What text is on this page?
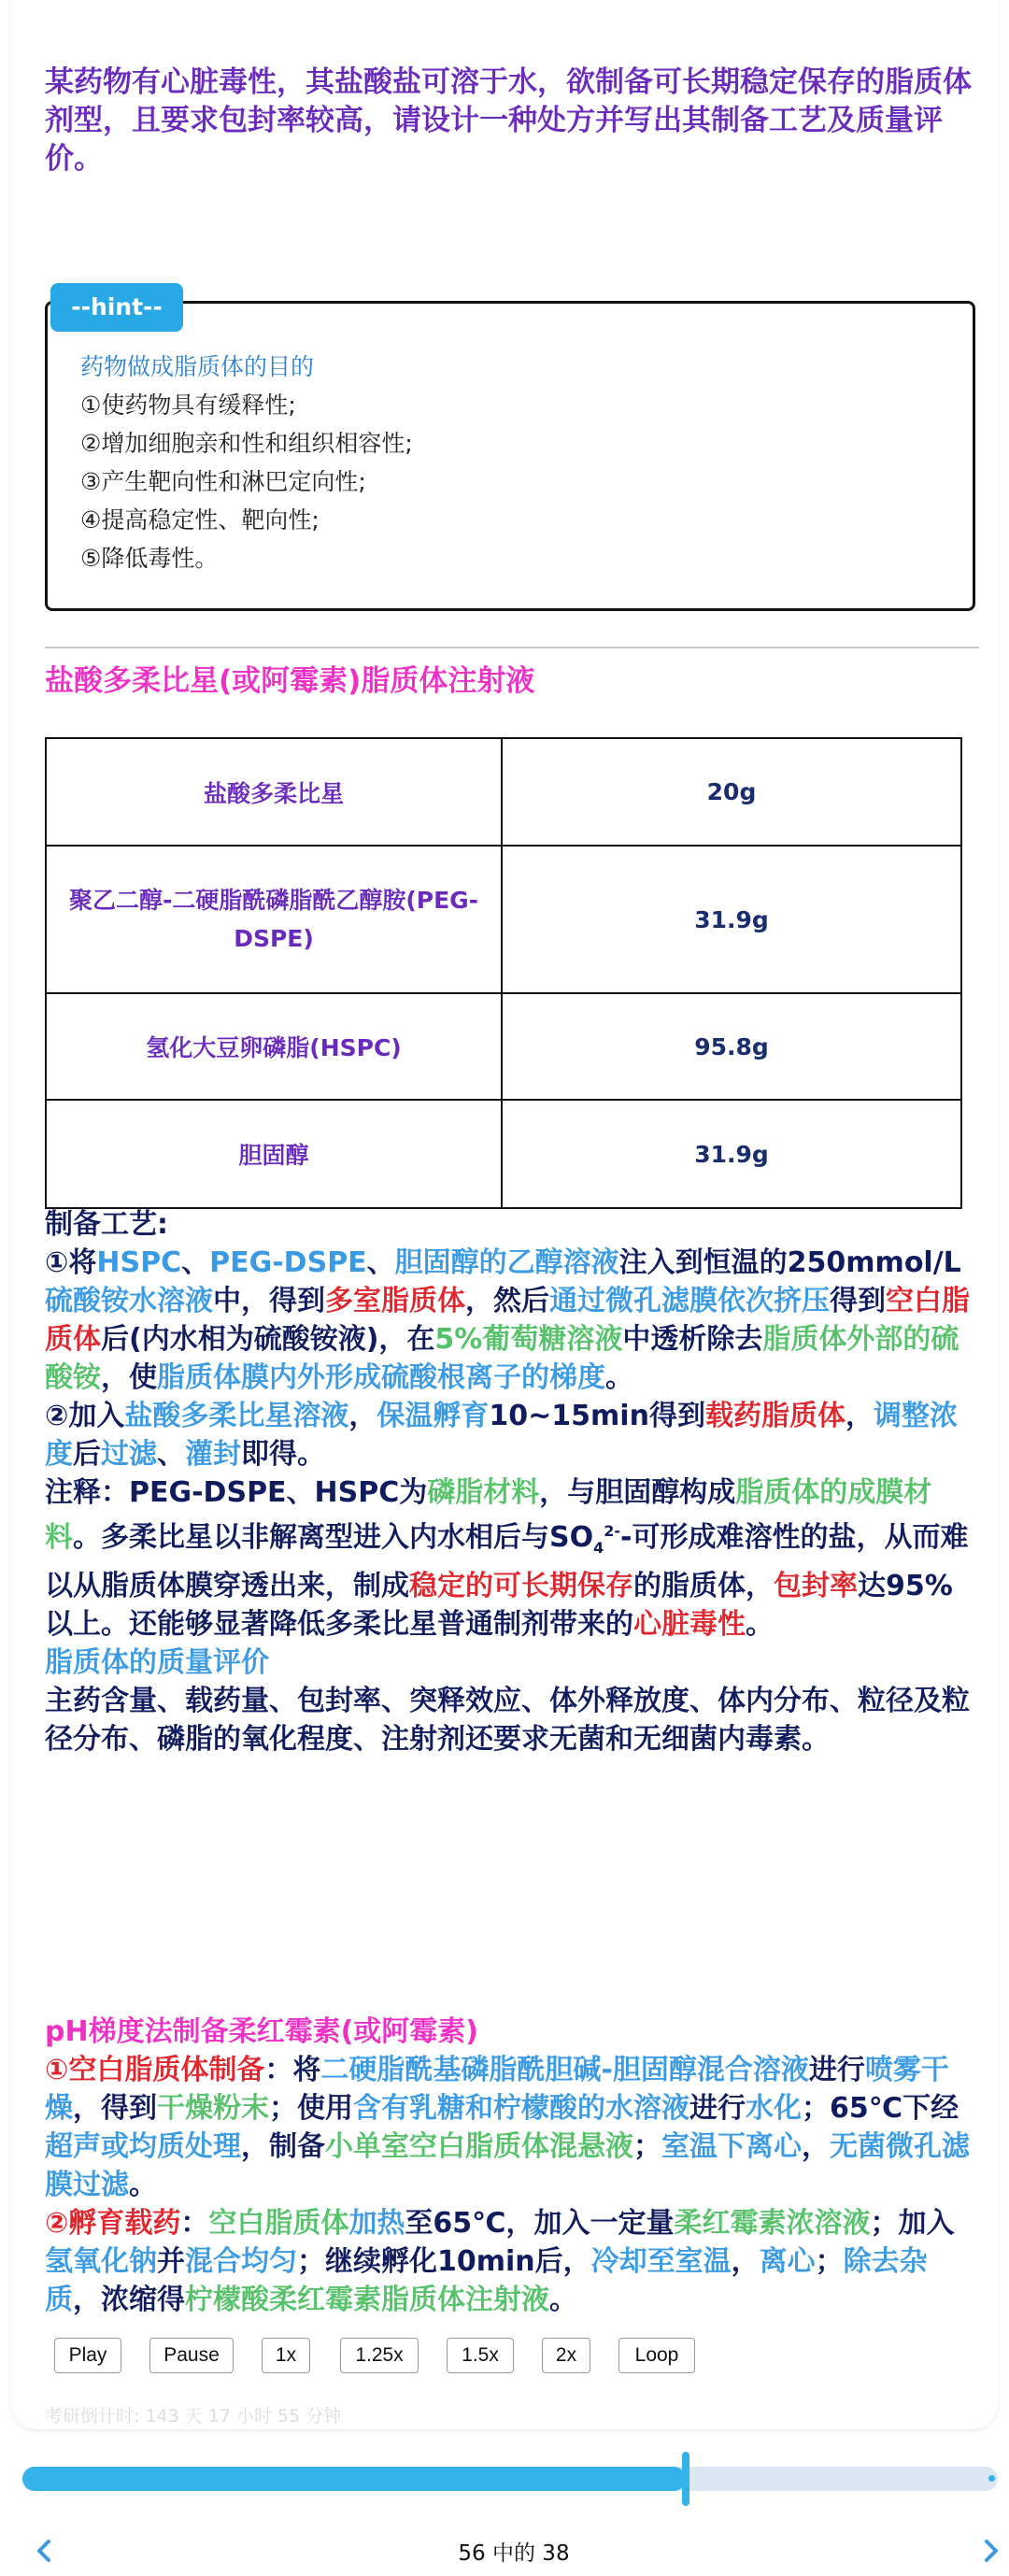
某药物有心脏毒性，其盐酸盐可溶于水，欲制备可长期稳定保存的脂质体剂型，且要求包封率较高，请设计一种处方并写出其制备工艺及质量评价。
--hint--
药物做成脂质体的目的
①使药物具有缓释性;
②增加细胞亲和性和组织相容性;
③产生靶向性和淋巴定向性;
④提高稳定性、靶向性;
⑤降低毒性。
盐酸多柔比星(或阿霉素)脂质体注射液
盐酸多柔比星	20g
聚乙二醇-二硬脂酰磷脂酰乙醇胺(PEG-DSPE)	31.9g
氢化大豆卵磷脂(HSPC)	95.8g
胆固醇	31.9g
制备工艺:
①将HSPC、PEG-DSPE、胆固醇的乙醇溶液注入到恒温的250mmol/L硫酸铵水溶液中，得到多室脂质体，然后通过微孔滤膜依次挤压得到空白脂质体后(内水相为硫酸铵液)，在5%葡萄糖溶液中透析除去脂质体外部的硫酸铵，使脂质体膜内外形成硫酸根离子的梯度。
②加入盐酸多柔比星溶液，保温孵育10~15min得到载药脂质体，调整浓度后过滤、灌封即得。
注释：PEG-DSPE、HSPC为磷脂材料，与胆固醇构成脂质体的成膜材料。多柔比星以非解离型进入内水相后与$SO_4^{2-}-$可形成难溶性的盐，从而难以从脂质体膜穿透出来，制成稳定的可长期保存的脂质体，包封率达95%以上。还能够显著降低多柔比星普通制剂带来的心脏毒性。
脂质体的质量评价
主药含量、载药量、包封率、突释效应、体外释放度、体内分布、粒径及粒径分布、磷脂的氧化程度、注射剂还要求无菌和无细菌内毒素。
pH梯度法制备柔红霉素(或阿霉素)
①空白脂质体制备：将二硬脂酰基磷脂酰胆碱-胆固醇混合溶液进行喷雾干燥，得到干燥粉末；使用含有乳糖和柠檬酸的水溶液进行水化；65℃下经超声或均质处理，制备小单室空白脂质体混悬液；室温下离心，无菌微孔滤膜过滤。
②孵育载药：空白脂质体加热至65℃，加入一定量柔红霉素浓溶液；加入氢氧化钠并混合均匀；继续孵化10min后，冷却至室温，离心；除去杂质，浓缩得柠檬酸柔红霉素脂质体注射液。
Play	Pause	1x	1.25x	1.5x	2x	Loop
考研倒计时: 143 天 17 小时 55 分钟
56 中的 38
